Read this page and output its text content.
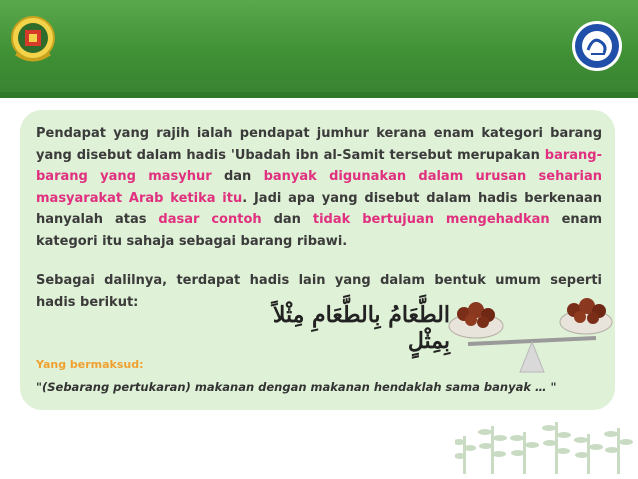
Pendapat yang rajih ialah pendapat jumhur kerana enam kategori barang yang disebut dalam hadis 'Ubadah ibn al-Samit tersebut merupakan barang-barang yang masyhur dan banyak digunakan dalam urusan seharian masyarakat Arab ketika itu. Jadi apa yang disebut dalam hadis berkenaan hanyalah atas dasar contoh dan tidak bertujuan mengehadkan enam kategori itu sahaja sebagai barang ribawi.

Sebagai dalilnya, terdapat hadis lain yang dalam bentuk umum seperti hadis berikut:	الطَّعَامُ بِالطَّعَامِ مِثْلاً بِمِثْلٍ
Yang bermaksud:
"(Sebarang pertukaran) makanan dengan makanan hendaklah sama banyak … "
